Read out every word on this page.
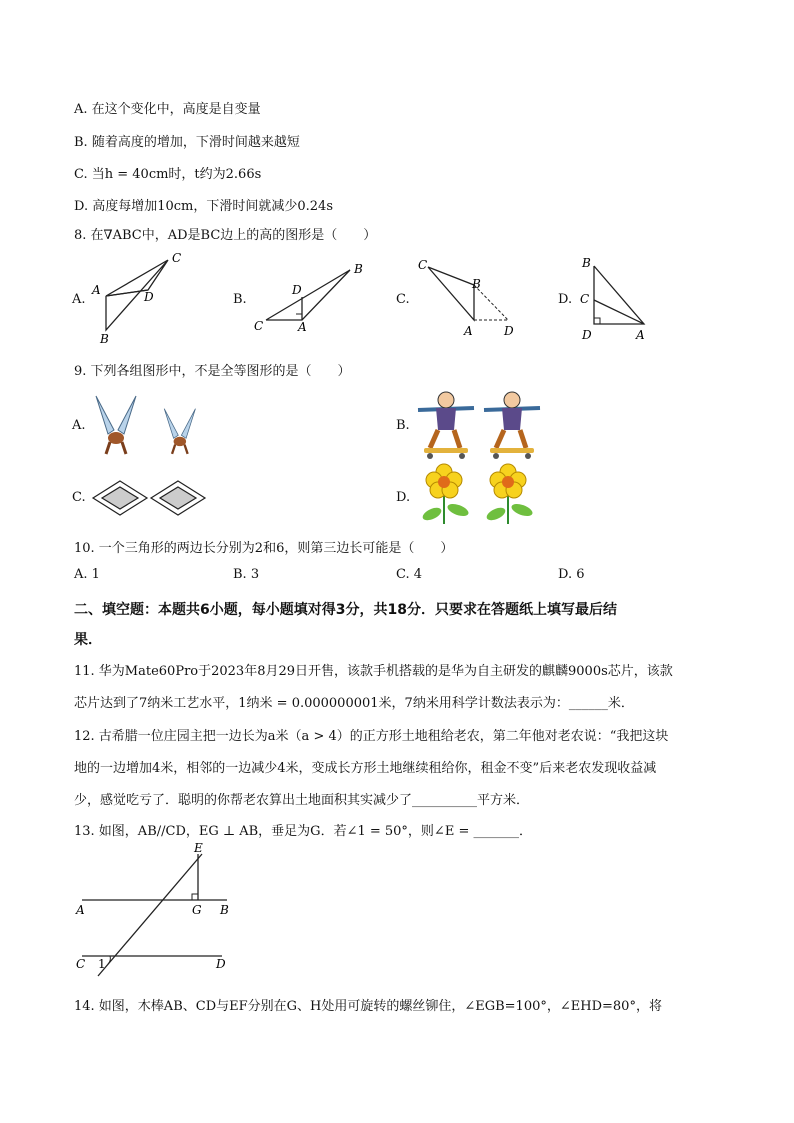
A. 在这个变化中，高度是自变量
B. 随着高度的增加，下滑时间越来越短
C. 当h = 40cm时，t约为2.66s
D. 高度每增加10cm，下滑时间就减少0.24s
8. 在∇ABC中，AD是BC边上的高的图形是（　　）
A.
C
A	D
B
B.
B
D
C	A
C.
C
B
A	D
D.
B
C
D	A
9. 下列各组图形中，不是全等图形的是（　　）
A.	B.
C.	D.
10. 一个三角形的两边长分别为2和6，则第三边长可能是（　　）
A. 1	B. 3	C. 4	D. 6
二、填空题：本题共6小题，每小题填对得3分，共18分．只要求在答题纸上填写最后结
果．
11. 华为Mate60Pro于2023年8月29日开售，该款手机搭载的是华为自主研发的麒麟9000s芯片，该款
芯片达到了7纳米工艺水平，1纳米 = 0.000000001米，7纳米用科学计数法表示为：______米．
12. 古希腊一位庄园主把一边长为a米（a > 4）的正方形土地租给老农，第二年他对老农说：“我把这块
地的一边增加4米，相邻的一边减少4米，变成长方形土地继续租给你，租金不变”后来老农发现收益减
少，感觉吃亏了．聪明的你帮老农算出土地面积其实减少了__________平方米．
13. 如图，AB//CD，EG ⊥ AB，垂足为G．若∠1 = 50°，则∠E = _______．
E
A	G B
C 1	D
14. 如图，木棒AB、CD与EF分别在G、H处用可旋转的螺丝铆住，∠EGB=100°，∠EHD=80°，将
